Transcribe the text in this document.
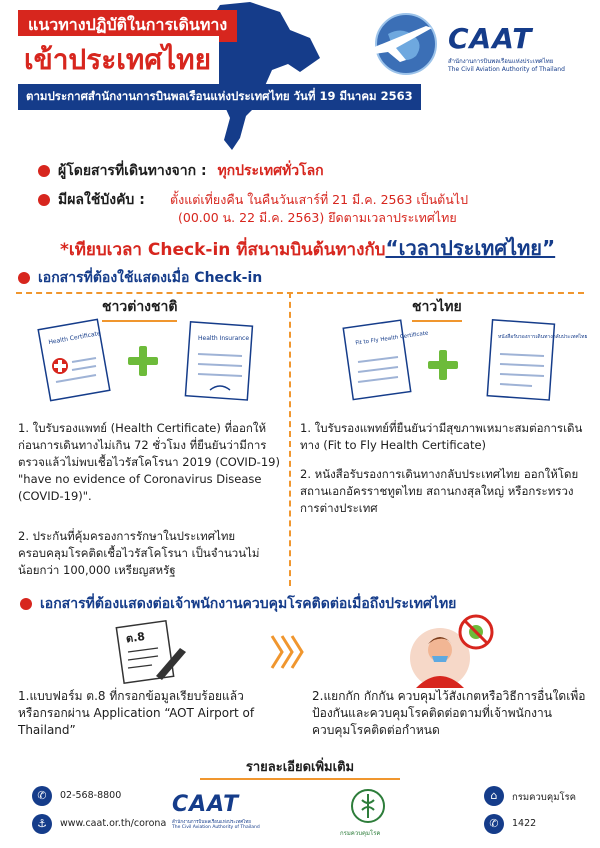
แนวทางปฏิบัติในการเดินทาง
เข้าประเทศไทย
ตามประกาศสำนักงานการบินพลเรือนแห่งประเทศไทย วันที่ 19 มีนาคม 2563
CAAT
สำนักงานการบินพลเรือนแห่งประเทศไทย
The Civil Aviation Authority of Thailand
ผู้โดยสารที่เดินทางจาก : ทุกประเทศทั่วโลก
มีผลใช้บังคับ : ตั้งแต่เที่ยงคืน ในคืนวันเสาร์ที่ 21 มี.ค. 2563 เป็นต้นไป
(00.00 น. 22 มี.ค. 2563) ยึดตามเวลาประเทศไทย
*เทียบเวลา Check-in ที่สนามบินต้นทางกับ“เวลาประเทศไทย”
เอกสารที่ต้องใช้แสดงเมื่อ Check-in
ชาวต่างชาติ	ชาวไทย
Health Certificate	Health Insurance	Fit to Fly Health Certificate	หนังสือรับรองการเดินทางกลับประเทศไทย
1. ใบรับรองแพทย์ (Health Certificate) ที่ออกให้ก่อนการเดินทางไม่เกิน 72 ชั่วโมง ที่ยืนยันว่ามีการตรวจแล้วไม่พบเชื้อไวรัสโคโรนา 2019 (COVID-19) "have no evidence of Coronavirus Disease (COVID-19)".
2. ประกันที่คุ้มครองการรักษาในประเทศไทย ครอบคลุมโรคติดเชื้อไวรัสโคโรนา เป็นจำนวนไม่น้อยกว่า 100,000 เหรียญสหรัฐ
1. ใบรับรองแพทย์ที่ยืนยันว่ามีสุขภาพเหมาะสมต่อการเดินทาง (Fit to Fly Health Certificate)
2. หนังสือรับรองการเดินทางกลับประเทศไทย ออกให้โดยสถานเอกอัครราชทูตไทย สถานกงสุลใหญ่ หรือกระทรวงการต่างประเทศ
เอกสารที่ต้องแสดงต่อเจ้าพนักงานควบคุมโรคติดต่อเมื่อถึงประเทศไทย
ต.8
1.แบบฟอร์ม ต.8 ที่กรอกข้อมูลเรียบร้อยแล้ว หรือกรอกผ่าน Application “AOT Airport of Thailand”
2.แยกกัก กักกัน ควบคุมไว้สังเกตหรือวิธีการอื่นใดเพื่อป้องกันและควบคุมโรคติดต่อตามที่เจ้าพนักงานควบคุมโรคติดต่อกำหนด
รายละเอียดเพิ่มเติม
✆	02-568-8800
⚓	www.caat.or.th/corona
CAAT
สำนักงานการบินพลเรือนแห่งประเทศไทย
The Civil Aviation Authority of Thailand
กรมควบคุมโรค
⌂	กรมควบคุมโรค
✆	1422
